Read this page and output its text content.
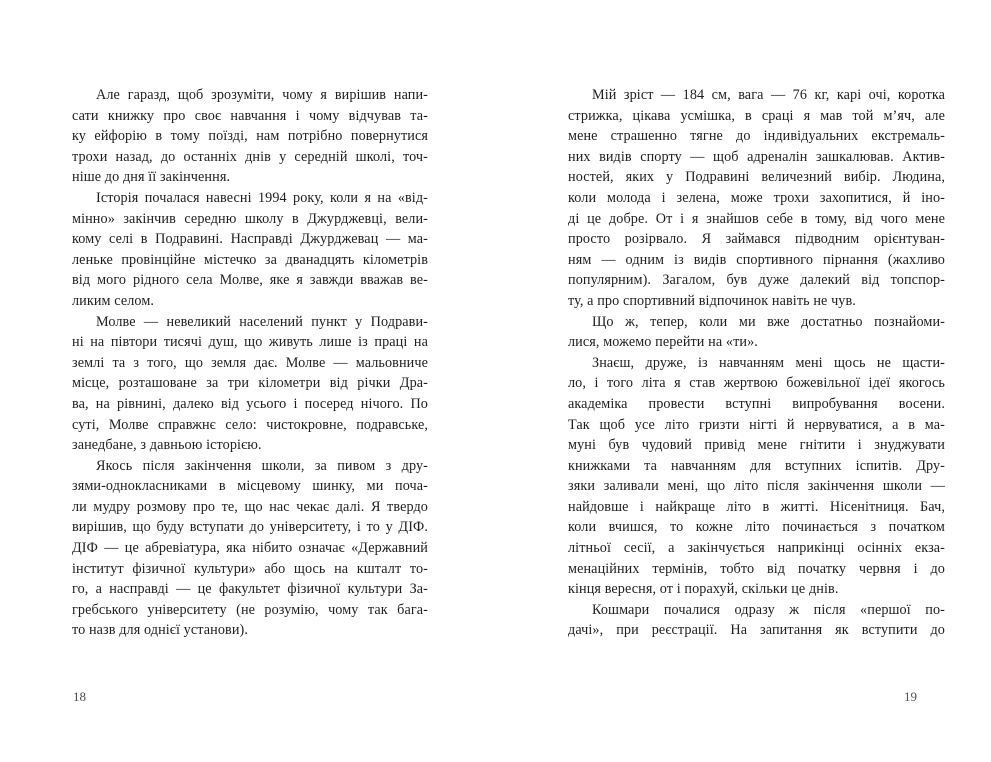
Але гаразд, щоб зрозуміти, чому я вирішив напи-
сати книжку про своє навчання і чому відчував та-
ку ейфорію в тому поїзді, нам потрібно повернутися
трохи назад, до останніх днів у середній школі, точ-
ніше до дня її закінчення.
Історія почалася навесні 1994 року, коли я на «від-
мінно» закінчив середню школу в Джурджевці, вели-
кому селі в Подравині. Насправді Джурджевац — ма-
леньке провінційне містечко за дванадцять кілометрів
від мого рідного села Молве, яке я завжди вважав ве-
ликим селом.
Молве — невеликий населений пункт у Подрави-
ні на півтори тисячі душ, що живуть лише із праці на
землі та з того, що земля дає. Молве — мальовниче
місце, розташоване за три кілометри від річки Дра-
ва, на рівнині, далеко від усього і посеред нічого. По
суті, Молве справжнє село: чистокровне, подравське,
занедбане, з давньою історією.
Якось після закінчення школи, за пивом з дру-
зями-однокласниками в місцевому шинку, ми поча-
ли мудру розмову про те, що нас чекає далі. Я твердо
вирішив, що буду вступати до університету, і то у ДІФ.
ДІФ — це абревіатура, яка нібито означає «Державний
інститут фізичної культури» або щось на кшталт то-
го, а насправді — це факультет фізичної культури За-
гребського університету (не розумію, чому так бага-
то назв для однієї установи).
18
Мій зріст — 184 см, вага — 76 кг, карі очі, коротка
стрижка, цікава усмішка, в сраці я мав той м’яч, але
мене страшенно тягне до індивідуальних екстремаль-
них видів спорту — щоб адреналін зашкалював. Актив-
ностей, яких у Подравині величезний вибір. Людина,
коли молода і зелена, може трохи захопитися, й іно-
ді це добре. От і я знайшов себе в тому, від чого мене
просто розірвало. Я займався підводним орієнтуван-
ням — одним із видів спортивного пірнання (жахливо
популярним). Загалом, був дуже далекий від топспор-
ту, а про спортивний відпочинок навіть не чув.
Що ж, тепер, коли ми вже достатньо познайоми-
лися, можемо перейти на «ти».
Знаєш, друже, із навчанням мені щось не щасти-
ло, і того літа я став жертвою божевільної ідеї якогось
академіка провести вступні випробування восени.
Так щоб усе літо гризти нігті й нервуватися, а в ма-
муні був чудовий привід мене гнітити і знуджувати
книжками та навчанням для вступних іспитів. Дру-
зяки заливали мені, що літо після закінчення школи —
найдовше і найкраще літо в житті. Нісенітниця. Бач,
коли вчишся, то кожне літо починається з початком
літньої сесії, а закінчується наприкінці осінніх екза-
менаційних термінів, тобто від початку червня і до
кінця вересня, от і порахуй, скільки це днів.
Кошмари почалися одразу ж після «першої по-
дачі», при реєстрації. На запитання як вступити до
19
